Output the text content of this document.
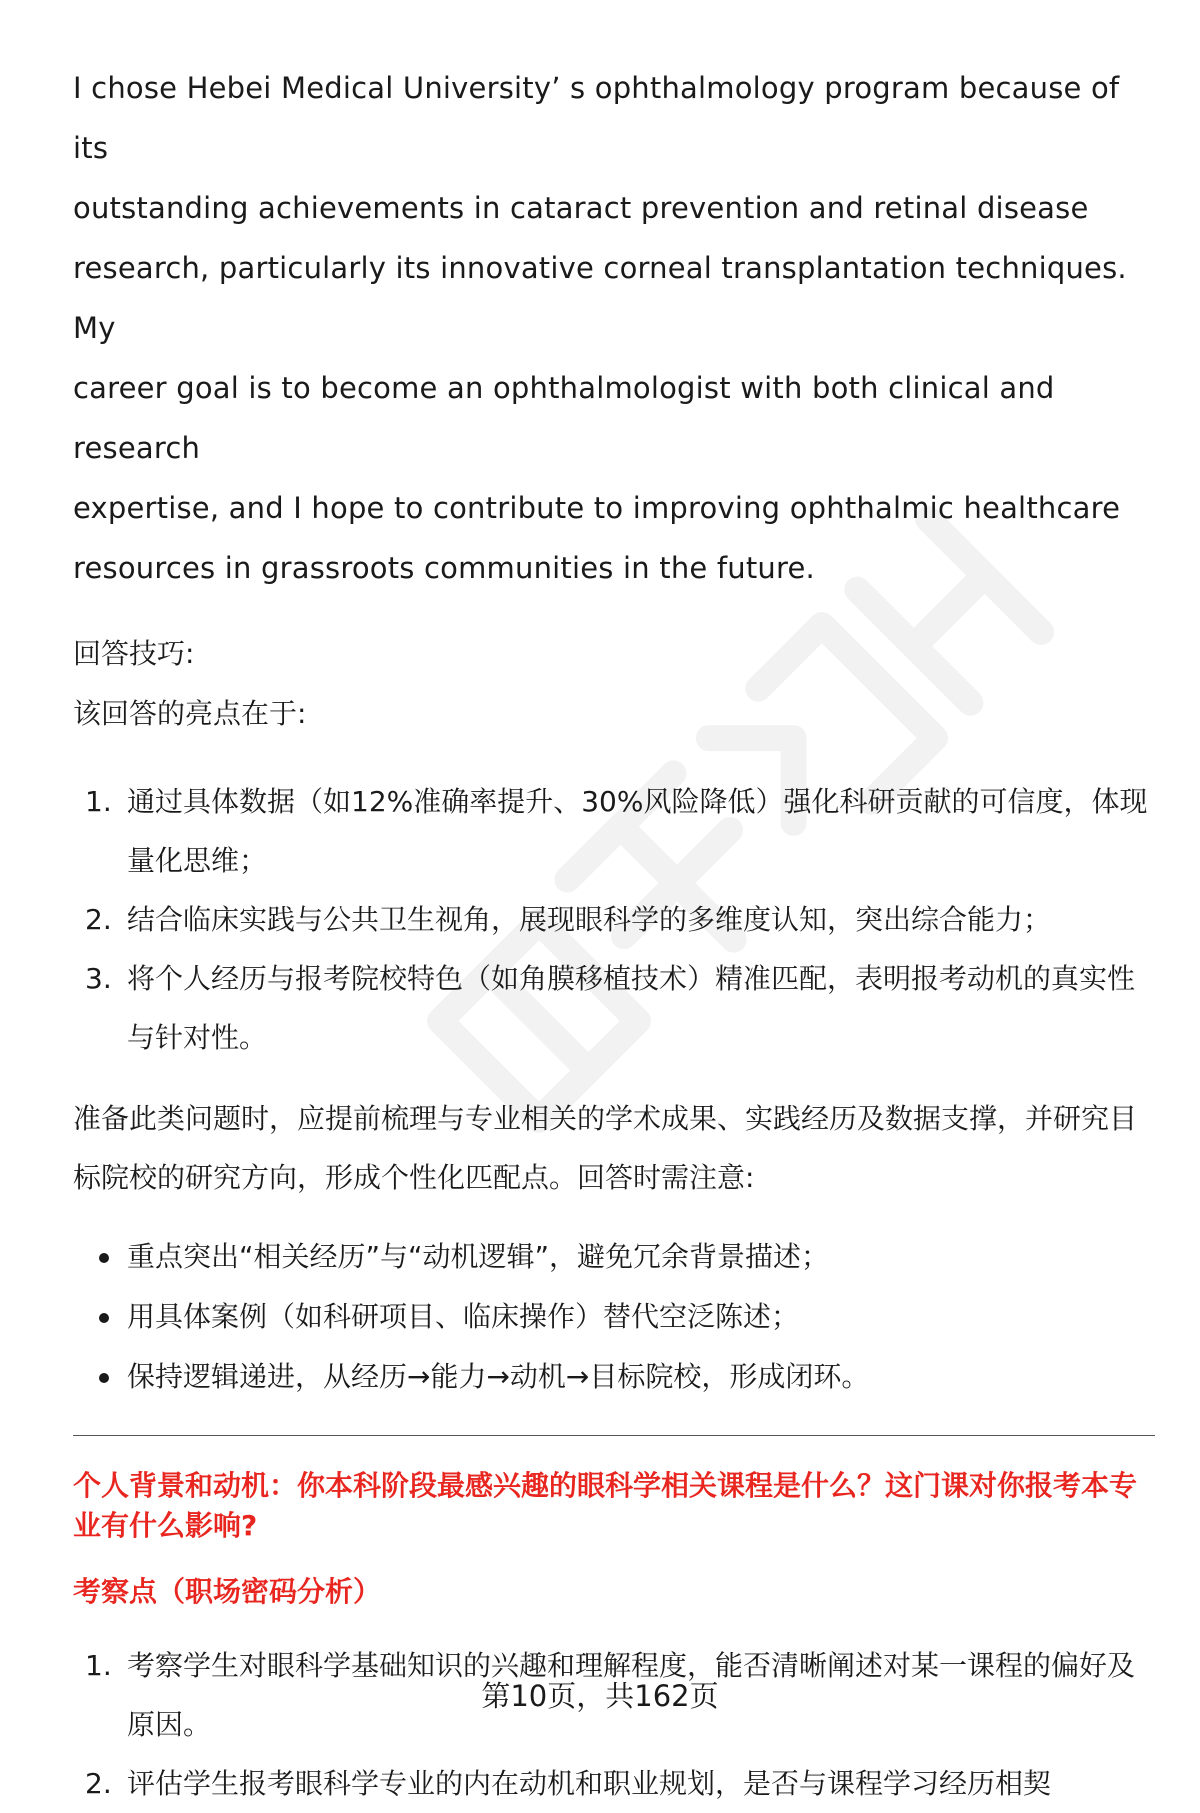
I chose Hebei Medical University’ s ophthalmology program because of its

outstanding achievements in cataract prevention and retinal disease

research, particularly its innovative corneal transplantation techniques. My

career goal is to become an ophthalmologist with both clinical and research

expertise, and I hope to contribute to improving ophthalmic healthcare

resources in grassroots communities in the future.

回答技巧:

该回答的亮点在于:

1. 通过具体数据（如12%准确率提升、30%风险降低）强化科研贡献的可信度，体现量化思维；
2. 结合临床实践与公共卫生视角，展现眼科学的多维度认知，突出综合能力；
3. 将个人经历与报考院校特色（如角膜移植技术）精准匹配，表明报考动机的真实性与针对性。

准备此类问题时，应提前梳理与专业相关的学术成果、实践经历及数据支撑，并研究目标院校的研究方向，形成个性化匹配点。回答时需注意:

重点突出“相关经历”与“动机逻辑”，避免冗余背景描述；
用具体案例（如科研项目、临床操作）替代空泛陈述；
保持逻辑递进，从经历→能力→动机→目标院校，形成闭环。

个人背景和动机：你本科阶段最感兴趣的眼科学相关课程是什么？这门课对你报考本专业有什么影响?

考察点（职场密码分析）

1. 考察学生对眼科学基础知识的兴趣和理解程度，能否清晰阐述对某一课程的偏好及原因。
2. 评估学生报考眼科学专业的内在动机和职业规划，是否与课程学习经历相契
第10页，共162页
